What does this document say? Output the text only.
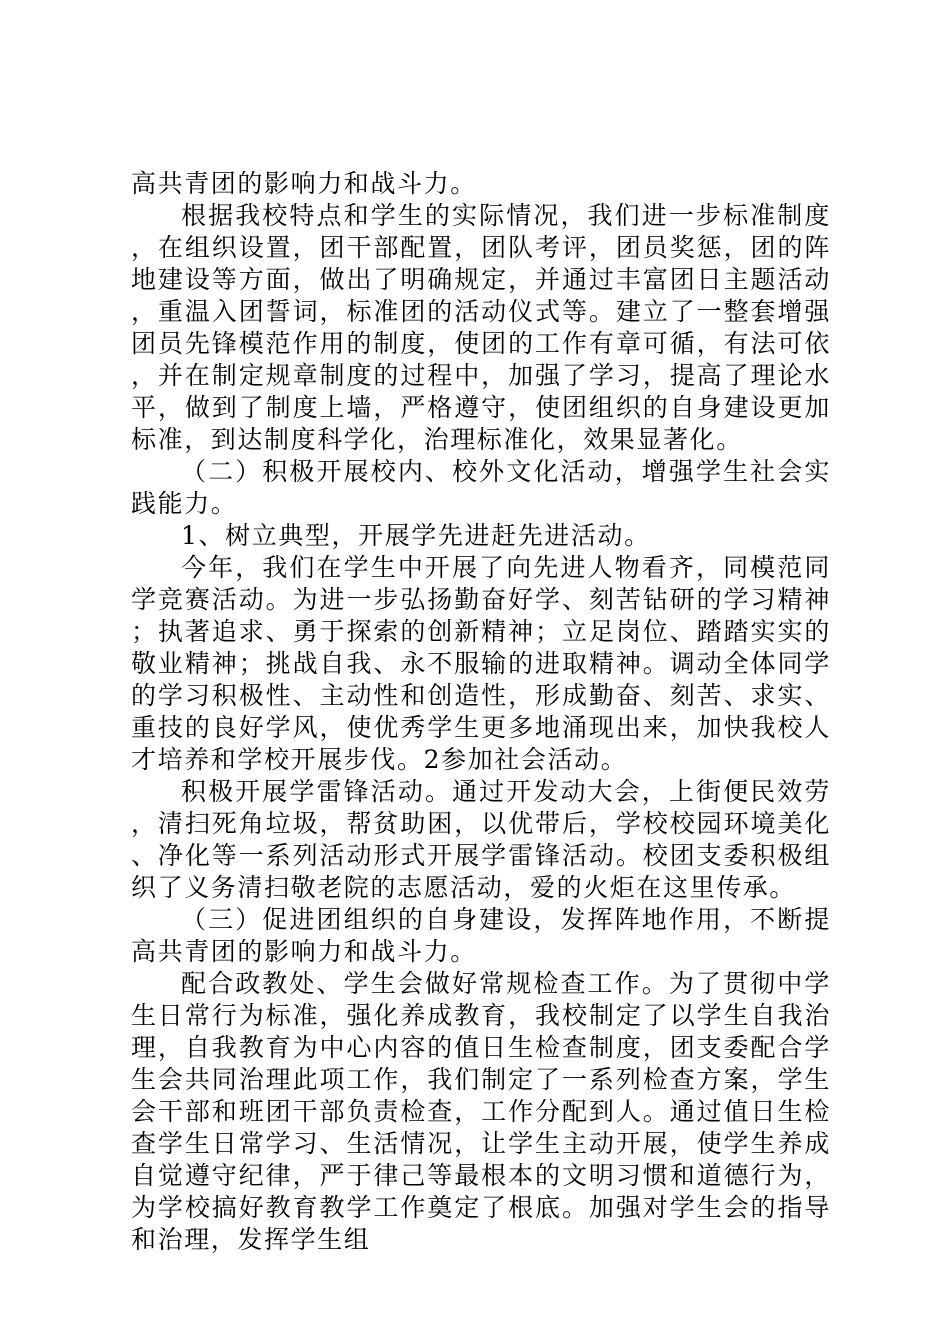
高共青团的影响力和战斗力。

根据我校特点和学生的实际情况，我们进一步标准制度，在组织设置，团干部配置，团队考评，团员奖惩，团的阵地建设等方面，做出了明确规定，并通过丰富团日主题活动，重温入团誓词，标准团的活动仪式等。建立了一整套增强团员先锋模范作用的制度，使团的工作有章可循，有法可依，并在制定规章制度的过程中，加强了学习，提高了理论水平，做到了制度上墙，严格遵守，使团组织的自身建设更加标准，到达制度科学化，治理标准化，效果显著化。

（二）积极开展校内、校外文化活动，增强学生社会实践能力。

1、树立典型，开展学先进赶先进活动。

今年，我们在学生中开展了向先进人物看齐，同模范同学竞赛活动。为进一步弘扬勤奋好学、刻苦钻研的学习精神；执著追求、勇于探索的创新精神；立足岗位、踏踏实实的敬业精神；挑战自我、永不服输的进取精神。调动全体同学的学习积极性、主动性和创造性，形成勤奋、刻苦、求实、重技的良好学风，使优秀学生更多地涌现出来，加快我校人才培养和学校开展步伐。2参加社会活动。

积极开展学雷锋活动。通过开发动大会，上街便民效劳，清扫死角垃圾，帮贫助困，以优带后，学校校园环境美化、净化等一系列活动形式开展学雷锋活动。校团支委积极组织了义务清扫敬老院的志愿活动，爱的火炬在这里传承。

（三）促进团组织的自身建设，发挥阵地作用，不断提高共青团的影响力和战斗力。

配合政教处、学生会做好常规检查工作。为了贯彻中学生日常行为标准，强化养成教育，我校制定了以学生自我治理，自我教育为中心内容的值日生检查制度，团支委配合学生会共同治理此项工作，我们制定了一系列检查方案，学生会干部和班团干部负责检查，工作分配到人。通过值日生检查学生日常学习、生活情况，让学生主动开展，使学生养成自觉遵守纪律，严于律己等最根本的文明习惯和道德行为，为学校搞好教育教学工作奠定了根底。加强对学生会的指导和治理，发挥学生组
